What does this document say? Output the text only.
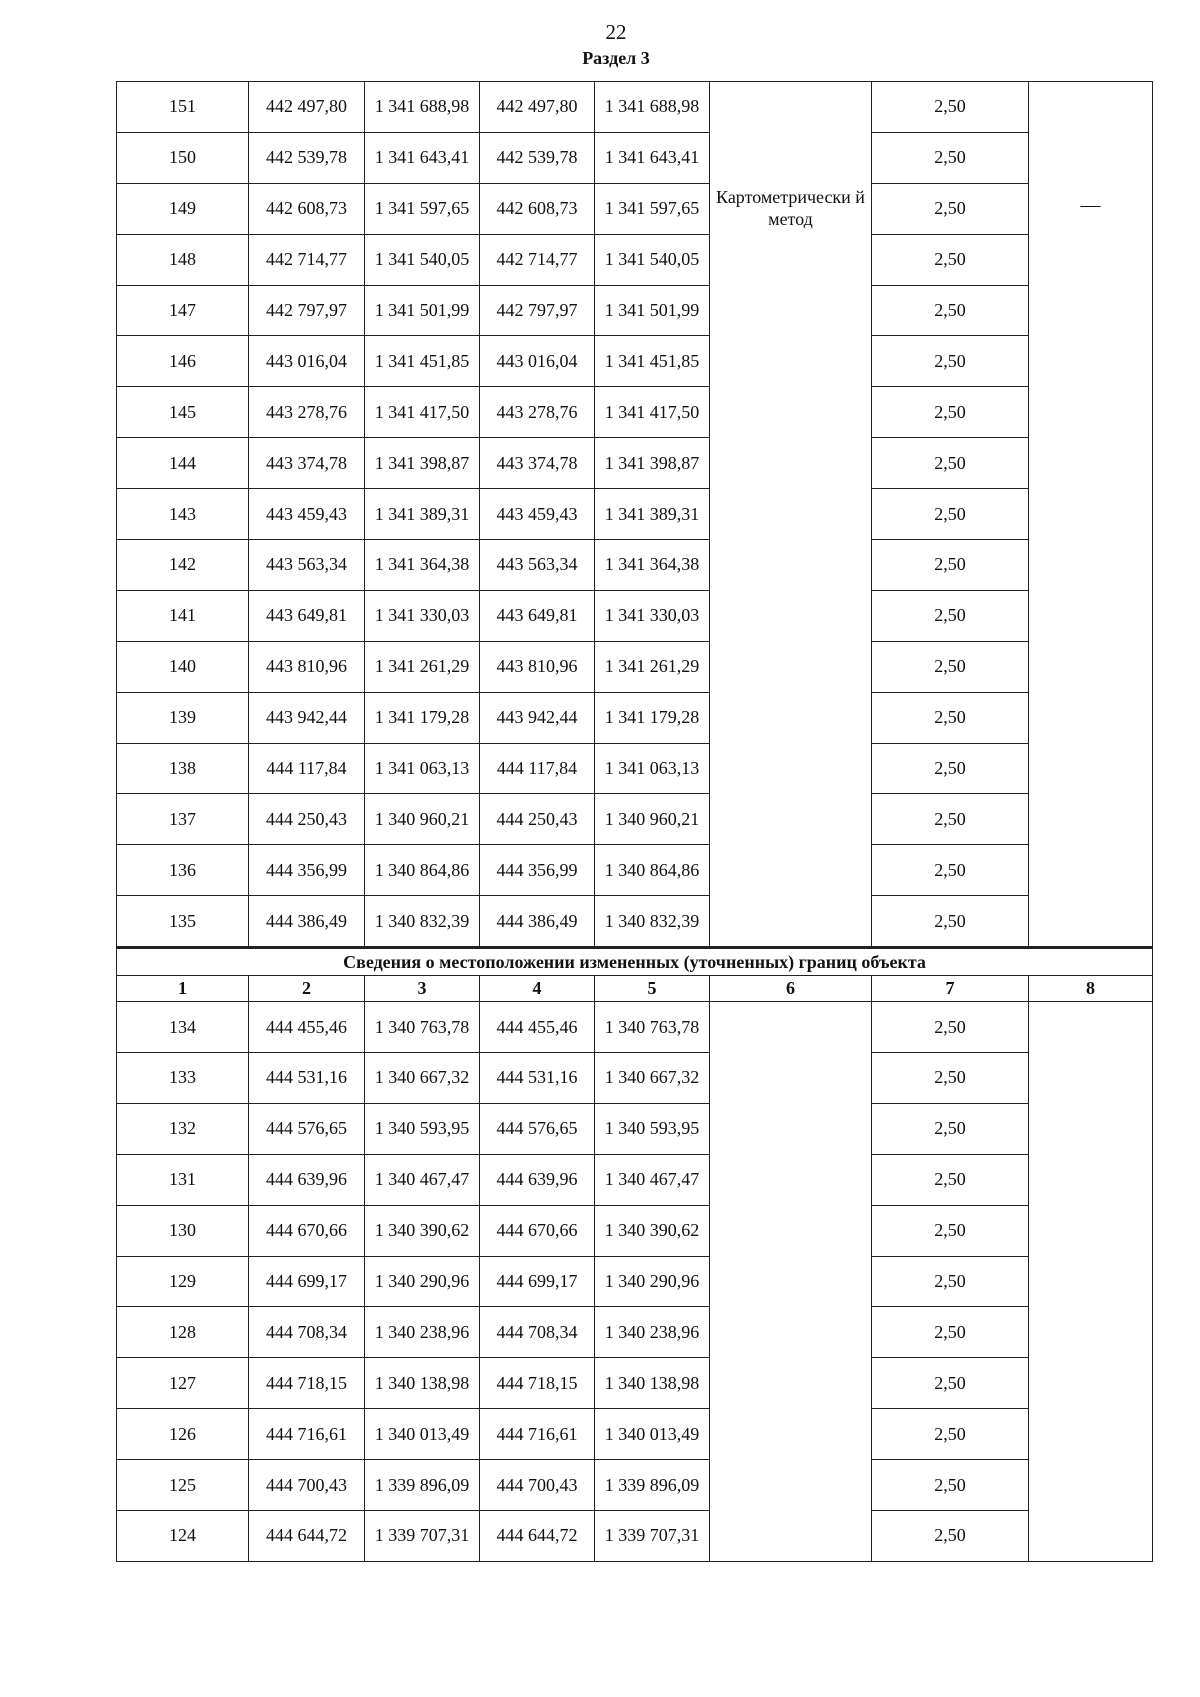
22
Раздел 3
151	442 497,80	1 341 688,98	442 497,80	1 341 688,98	Картометрически й метод	2,50	—
150	442 539,78	1 341 643,41	442 539,78	1 341 643,41		2,50	
149	442 608,73	1 341 597,65	442 608,73	1 341 597,65		2,50	
148	442 714,77	1 341 540,05	442 714,77	1 341 540,05		2,50	
147	442 797,97	1 341 501,99	442 797,97	1 341 501,99		2,50	
146	443 016,04	1 341 451,85	443 016,04	1 341 451,85		2,50	
145	443 278,76	1 341 417,50	443 278,76	1 341 417,50		2,50	
144	443 374,78	1 341 398,87	443 374,78	1 341 398,87		2,50	
143	443 459,43	1 341 389,31	443 459,43	1 341 389,31		2,50	
142	443 563,34	1 341 364,38	443 563,34	1 341 364,38		2,50	
141	443 649,81	1 341 330,03	443 649,81	1 341 330,03		2,50	
140	443 810,96	1 341 261,29	443 810,96	1 341 261,29		2,50	
139	443 942,44	1 341 179,28	443 942,44	1 341 179,28		2,50	
138	444 117,84	1 341 063,13	444 117,84	1 341 063,13		2,50	
137	444 250,43	1 340 960,21	444 250,43	1 340 960,21		2,50	
136	444 356,99	1 340 864,86	444 356,99	1 340 864,86		2,50	
135	444 386,49	1 340 832,39	444 386,49	1 340 832,39		2,50	
Сведения о местоположении измененных (уточненных) границ объекта							
1	2	3	4	5	6	7	8
134	444 455,46	1 340 763,78	444 455,46	1 340 763,78		2,50	
133	444 531,16	1 340 667,32	444 531,16	1 340 667,32		2,50	
132	444 576,65	1 340 593,95	444 576,65	1 340 593,95		2,50	
131	444 639,96	1 340 467,47	444 639,96	1 340 467,47		2,50	
130	444 670,66	1 340 390,62	444 670,66	1 340 390,62		2,50	
129	444 699,17	1 340 290,96	444 699,17	1 340 290,96		2,50	
128	444 708,34	1 340 238,96	444 708,34	1 340 238,96		2,50	
127	444 718,15	1 340 138,98	444 718,15	1 340 138,98		2,50	
126	444 716,61	1 340 013,49	444 716,61	1 340 013,49		2,50	
125	444 700,43	1 339 896,09	444 700,43	1 339 896,09		2,50	
124	444 644,72	1 339 707,31	444 644,72	1 339 707,31		2,50	
